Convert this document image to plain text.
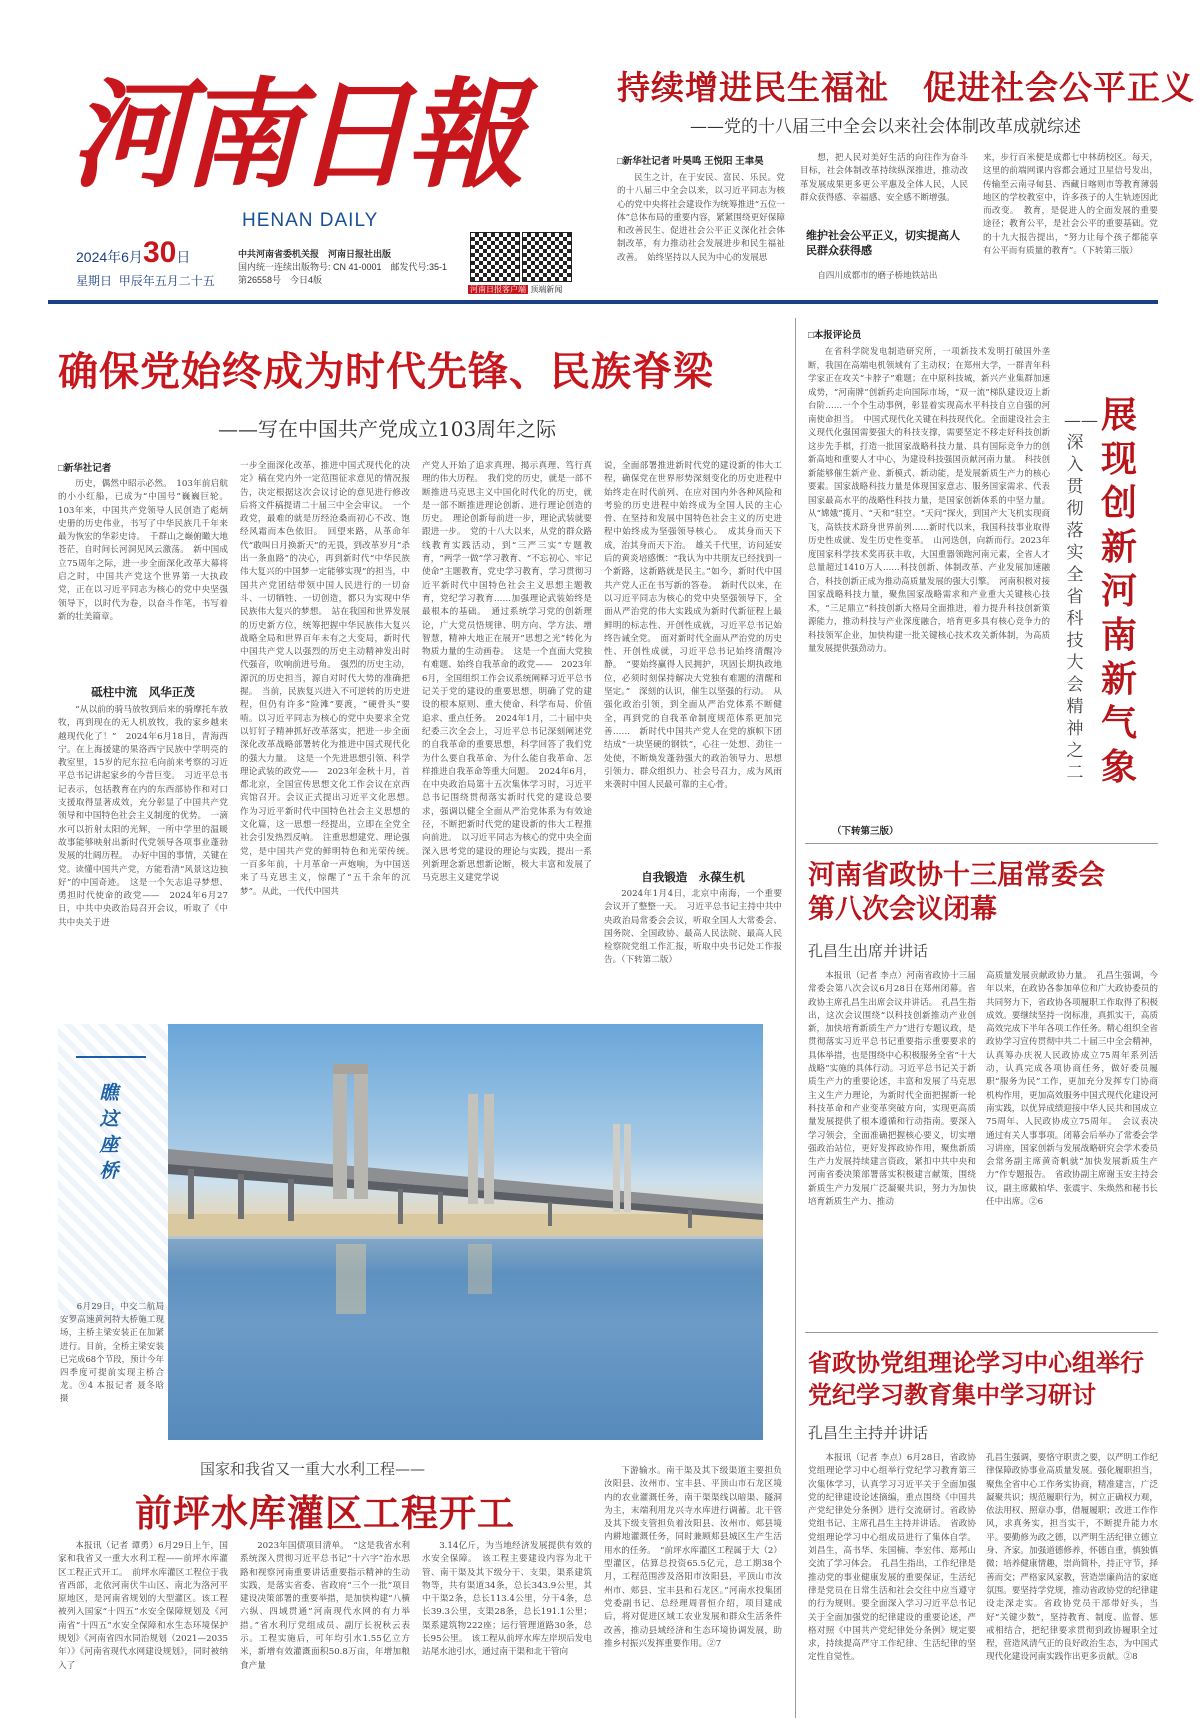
河南日報
HENAN DAILY
2024年6月30日
星期日 甲辰年五月二十五
中共河南省委机关报　河南日报社出版
国内统一连续出版物号: CN 41-0001　邮发代号:35-1
第26558号　今日4版
河南日报客户端 顶端新闻
持续增进民生福祉　促进社会公平正义
——党的十八届三中全会以来社会体制改革成就综述
□新华社记者 叶昊鸣 王悦阳 王聿昊

民生之计，在于安民、富民、乐民。党的十八届三中全会以来，以习近平同志为核心的党中央将社会建设作为统筹推进“五位一体”总体布局的重要内容，紧紧围绕更好保障和改善民生、促进社会公平正义深化社会体制改革，有力推动社会发展进步和民生福祉改善。　始终坚持以人民为中心的发展思

想，把人民对美好生活的向往作为奋斗目标，社会体制改革持续纵深推进，推动改革发展成果更多更公平惠及全体人民，人民群众获得感、幸福感、安全感不断增强。

维护社会公平正义，切实提高人民群众获得感

自四川成都市的磨子桥地铁站出

来，步行百米便是成都七中林荫校区。每天，这里的前端网课内容都会通过卫星信号发出，传输至云南寻甸县、西藏日喀则市等教育薄弱地区的学校教室中，许多孩子的人生轨迹因此而改变。　教育，是促进人的全面发展的重要途径；教育公平，是社会公平的重要基础。党的十九大报告提出，“努力让每个孩子都能享有公平而有质量的教育”。（下转第三版）

确保党始终成为时代先锋、民族脊梁
——写在中国共产党成立103周年之际
□新华社记者

历史，偶然中昭示必然。　103年前启航的小小红船，已成为“中国号”巍巍巨轮。103年来，中国共产党领导人民创造了彪炳史册的历史伟业，书写了中华民族几千年来最为恢宏的华彩史诗。　千群山之巅俯瞰大地苍茫，自时间长河洞见风云激荡。　新中国成立75周年之际，进一步全面深化改革大幕将启之时，中国共产党这个世界第一大执政党，正在以习近平同志为核心的党中央坚强领导下，以时代为卷，以奋斗作笔，书写着新的壮美篇章。

砥柱中流　风华正茂

“从以前的骑马放牧到后来的骑摩托车放牧，再到现在的无人机放牧，我的家乡越来越现代化了！”　2024年6月18日，青海西宁。在上海援建的果洛西宁民族中学明亮的教室里，15岁的尼东拉毛向前来考察的习近平总书记讲起家乡的今昔巨变。　习近平总书记表示，包括教育在内的东西部协作和对口支援取得显著成效，充分彰显了中国共产党领导和中国特色社会主义制度的优势。　一滴水可以折射太阳的光辉，一所中学里的温暖故事能够映射出新时代党领导各项事业蓬勃发展的壮阔历程。　办好中国的事情，关键在党。读懂中国共产党，方能看清“风景这边独好”的中国奇迹。　这是一个矢志追寻梦想、勇担时代使命的政党——　2024年6月27日，中共中央政治局召开会议，听取了《中共中央关于进

一步全面深化改革、推进中国式现代化的决定》稿在党内外一定范围征求意见的情况报告，决定根据这次会议讨论的意见进行修改后将文件稿提请二十届三中全会审议。　一个政党，最难的就是历经沧桑而初心不改、饱经风霜而本色依旧。　回望来路，从革命年代“敢叫日月换新天”的无畏，到改革岁月“杀出一条血路”的决心，再到新时代“中华民族伟大复兴的中国梦一定能够实现”的担当，中国共产党团结带领中国人民进行的一切奋斗、一切牺牲、一切创造，都只为实现中华民族伟大复兴的梦想。　站在我国和世界发展的历史新方位，统筹把握中华民族伟大复兴战略全局和世界百年未有之大变局，新时代中国共产党人以强烈的历史主动精神发出时代强音，吹响前进号角。　强烈的历史主动，源沉的历史担当，源自对时代大势的准确把握。　当前，民族复兴进入不可逆转的历史进程，但仍有许多“险滩”要渡，“硬骨头”要啃。以习近平同志为核心的党中央要求全党以钉钉子精神抓好改革落实，把进一步全面深化改革战略部署转化为推进中国式现代化的强大力量。　这是一个先进思想引领、科学理论武装的政党——　2023年金秋十月，首都北京，全国宣传思想文化工作会议在京西宾馆召开。会议正式提出习近平文化思想。　作为习近平新时代中国特色社会主义思想的文化篇，这一思想一经提出，立即在全党全社会引发热烈反响。　注重思想建党、理论强党，是中国共产党的鲜明特色和光荣传统。　一百多年前，十月革命一声炮响，为中国送来了马克思主义，惊醒了“五千余年的沉梦”。从此，一代代中国共

产党人开始了追求真理、揭示真理、笃行真理的伟大历程。　我们党的历史，就是一部不断推进马克思主义中国化时代化的历史，就是一部不断推进理论创新、进行理论创造的历史。　理论创新每前进一步，理论武装就要跟进一步。　党的十八大以来，从党的群众路线教育实践活动，到“三严三实”专题教育，“两学一做”学习教育、“不忘初心、牢记使命”主题教育，党史学习教育，学习贯彻习近平新时代中国特色社会主义思想主题教育，党纪学习教育……加强理论武装始终是最根本的基础。　通过系统学习党的创新理论，广大党员悟规律、明方向、学方法、增智慧，精神大地正在展开“思想之光”转化为物质力量的生动画卷。　这是一个直面大党独有难题、始终自我革命的政党——　2023年6月，全国组织工作会议系统阐释习近平总书记关于党的建设的重要思想，明确了党的建设的根本原则、重大使命、科学布局、价值追求、重点任务。　2024年1月，二十届中央纪委三次全会上，习近平总书记深刻阐述党的自我革命的重要思想，科学回答了我们党为什么要自我革命、为什么能自我革命、怎样推进自我革命等重大问题。　2024年6月，在中央政治局第十五次集体学习时，习近平总书记围绕贯彻落实新时代党的建设总要求，强调以健全全面从严治党体系为有效途径，不断把新时代党的建设新的伟大工程推向前进。　以习近平同志为核心的党中央全面深入思考党的建设的理论与实践，提出一系列新理念新思想新论断，极大丰富和发展了马克思主义建党学说

说，全面部署推进新时代党的建设新的伟大工程，确保党在世界形势深刻变化的历史进程中始终走在时代前列、在应对国内外各种风险和考验的历史进程中始终成为全国人民的主心骨、在坚持和发展中国特色社会主义的历史进程中始终成为坚强领导核心。　成其身而天下成，治其身而天下治。　雄关千代里，访问延安后的黄炎培感慨：“我认为中共朋友已经找到一个新路，这新路就是民主。”如今，新时代中国共产党人正在书写新的答卷。　新时代以来，在以习近平同志为核心的党中央坚强领导下，全面从严治党的伟大实践成为新时代新征程上最鲜明的标志性、开创性成就，习近平总书记始终告诫全党。　面对新时代全面从严治党的历史性、开创性成就，习近平总书记始终清醒冷静。　“要始终赢得人民拥护，巩固长期执政地位，必须时刻保持解决大党独有难题的清醒和坚定。”　深刻的认识，催生以坚强的行动。　从强化政治引领，到全面从严治党体系不断健全，再到党的自我革命制度规范体系更加完善……　新时代中国共产党人在党的旗帜下团结成“一块坚硬的钢铁”，心往一处想、劲往一处使，不断焕发蓬勃强大的政治领导力、思想引领力、群众组织力、社会号召力，成为风雨来袭时中国人民最可靠的主心骨。

自我锻造　永葆生机

2024年1月4日，北京中南海，一个重要会议开了整整一天。　习近平总书记主持中共中央政治局常委会会议，听取全国人大常委会、国务院、全国政协、最高人民法院、最高人民检察院党组工作汇报，听取中央书记处工作报告。（下转第二版）

□本报评论员

在省科学院发电制造研究所，一项新技术发明打破国外垄断，我国在高端电机领域有了主动权；在郑州大学，一群青年科学家正在攻关“卡脖子”难题；在中原科技城，新兴产业集群加速成势，“河南牌”创新药走向国际市场，“双一流”梯队建设迈上新台阶……一个个生动事例，彰显着实现高水平科技自立自强的河南使命担当。　中国式现代化关键在科技现代化。全面建设社会主义现代化强国需要强大的科技支撑，需要坚定不移走好科技创新这步先手棋，打造一批国家战略科技力量、具有国际竞争力的创新高地和重要人才中心，为建设科技强国贡献河南力量。　科技创新能够催生新产业、新模式、新动能，是发展新质生产力的核心要素。国家战略科技力量是体现国家意志、服务国家需求、代表国家最高水平的战略性科技力量，是国家创新体系的中坚力量。从“嫦娥”揽月、“天和”驻空、“天问”探火，到国产大飞机实现商飞，高铁技术跻身世界前列……新时代以来，我国科技事业取得历史性成就、发生历史性变革。　山河迭创，向新而行。2023年度国家科学技术奖再获丰收，大国重器领跑河南元素，全省人才总量超过1410万人……科技创新、体制改革、产业发展加速融合，科技创新正成为推动高质量发展的强大引擎。　河南积极对接国家战略科技力量，聚焦国家战略需求和产业重大关键核心技术，“三足鼎立”科技创新大格局全面推进，着力提升科技创新策源能力，推动科技与产业深度融合，培育更多具有核心竞争力的科技领军企业，加快构建一批关键核心技术攻关新体制，为高质量发展提供强劲动力。

（下转第三版）
展现创新河南新气象
——深入贯彻落实全省科技大会精神之二
河南省政协十三届常委会
第八次会议闭幕
孔昌生出席并讲话

本报讯（记者 李点）河南省政协十三届常委会第八次会议6月28日在郑州闭幕。省政协主席孔昌生出席会议并讲话。　孔昌生指出，这次会议围绕“以科技创新推动产业创新，加快培育新质生产力”进行专题议政，是贯彻落实习近平总书记重要指示重要要求的具体举措，也是围绕中心积极服务全省“十大战略”实施的具体行动。习近平总书记关于新质生产力的重要论述，丰富和发展了马克思主义生产力理论，为新时代全面把握新一轮科技革命和产业变革突破方向，实现更高质量发展提供了根本遵循和行动指南。要深入学习领会，全面准确把握核心要义，切实增强政治站位，更好发挥政协作用，聚焦新质生产力发展持续建言资政，紧扣中共中央和河南省委决策部署落实积极建言献策，围绕新质生产力发展广泛凝聚共识，努力为加快培育新质生产力、推动

高质量发展贡献政协力量。　孔昌生强调，今年以来，在政协各参加单位和广大政协委员的共同努力下，省政协各项履职工作取得了积极成效。要继续坚持一岗标准，真抓实干，高质高效完成下半年各项工作任务。精心组织全省政协学习宣传贯彻中共二十届三中全会精神，认真筹办庆祝人民政协成立75周年系列活动，认真完成各项协商任务，做好委员履职“服务为民”工作，更加充分发挥专门协商机构作用，更加高效服务中国式现代化建设河南实践，以优异成绩迎接中华人民共和国成立75周年、人民政协成立75周年。　会议表决通过有关人事事项。闭幕会后举办了常委会学习讲座，国家创新与发展战略研究会学术委员会常务副主席黄奇帆就“加快发展新质生产力”作专题报告。　省政协副主席谢玉安主持会议，副主席戴柏华、张震宇、朱焕然和秘书长任中出席。②6

省政协党组理论学习中心组举行
党纪学习教育集中学习研讨
孔昌生主持并讲话

本报讯（记者 李点）6月28日，省政协党组理论学习中心组举行党纪学习教育第三次集体学习，认真学习习近平关于全面加强党的纪律建设论述摘编，重点围绕《中国共产党纪律处分条例》进行交流研讨。省政协党组书记、主席孔昌生主持并讲话。　省政协党组理论学习中心组成员进行了集体自学。刘昌生，高书华、朱国楠、李宏伟、郑邦山交流了学习体会。　孔昌生指出，工作纪律是推动党的事业健康发展的重要保证，生活纪律是党员在日常生活和社会交往中应当遵守的行为规则。要全面深入学习习近平总书记关于全面加强党的纪律建设的重要论述，严格对照《中国共产党纪律处分条例》规定要求，持续提高严守工作纪律、生活纪律的坚定性自觉性。

孔昌生强调，要恪守职责之要，以严明工作纪律保障政协事业高质量发展。强化履职担当，聚焦全省中心工作务实协商，精准建言，广泛凝聚共识；规范履职行为，树立正确权力观，依法用权、照章办事，借履履职；改进工作作风，求真务实，担当实干，不断提升能力水平。要勤修为政之德，以严明生活纪律立德立身、齐家。加强道德修养，怀德自重，慎独慎微；培养健康情趣，崇尚简朴，持正守节，择善而交；严格家风家教，营造崇廉尚洁的家庭氛围。要坚持学党规，推动省政协党的纪律建设走深走实。省政协党员干部带好头，当好“关键少数”，坚持教育、制度、监督、惩戒相结合，把纪律要求贯彻到政协履职全过程，营造风清气正的良好政治生态，为中国式现代化建设河南实践作出更多贡献。②8

瞧这座桥

6月29日，中交二航局安罗高速黄河特大桥施工现场，主桥主梁安装正在加紧进行。目前，全桥主梁安装已完成68个节段，预计今年四季度可提前实现主桥合龙。⑨4 本报记者 聂冬晗 摄

国家和我省又一重大水利工程——
前坪水库灌区工程开工

本报讯（记者 谭勇）6月29日上午，国家和我省又一重大水利工程——前坪水库灌区工程正式开工。　前坪水库灌区工程位于我省西部，北依河南伏牛山区、南北为洛河平原地区，是河南省规划的大型灌区。该工程被列入国家“十四五”水安全保障规划及《河南省“十四五”水安全保障和水生态环境保护规划》《河南省四水同治规划（2021—2035年）》《河南省现代水网建设规划》，同时被纳入了

2023年国债项目清单。　“这是我省水利系统深入贯彻习近平总书记“十六字”治水思路和视察河南重要讲话重要指示精神的生动实践，是落实省委、省政府“三个一批”项目建设决策部署的重要举措，是加快构建“八横六纵、四域贯通”河南现代水网的有力举措。”省水利厅党组成员、副厅长祝秋云表示。工程实施后，可年均引水1.55亿立方米，新增有效灌溉面积50.8万亩，年增加粮食产量

3.14亿斤，为当地经济发展提供有效的水安全保障。　该工程主要建设内容为北干管、南干渠及其下级分干、支渠，渠系建筑物等，共有渠道34条，总长343.9公里，其中干渠2条，总长113.4公里，分干4条，总长39.3公里，支渠28条，总长191.1公里；渠系建筑物222座；运行管理道路30条，总长95公里。　该工程从前坪水库左岸坝后发电站尾水池引水，通过南干渠和北干管向

下游输水。南干渠及其下级渠道主要担负汝阳县、汝州市、宝丰县、平顶山市石龙区境内的农业灌溉任务，南干渠渠线以暗渠、隧洞为主，末端利用龙兴寺水库进行调蓄。北干管及其下级支管担负着汝阳县、汝州市、郏县境内耕地灌溉任务，同时兼顾郏县城区生产生活用水的任务。　“前坪水库灌区工程属于大（2）型灌区，估算总投资65.5亿元，总工期38个月，工程范围涉及洛阳市汝阳县，平顶山市汝州市、郏县、宝丰县和石龙区。”河南水投集团党委副书记、总经理周晋恒介绍，项目建成后，将对促进区域工农业发展和群众生活条件改善，推动县域经济和生态环境协调发展，助推乡村振兴发挥重要作用。②7
